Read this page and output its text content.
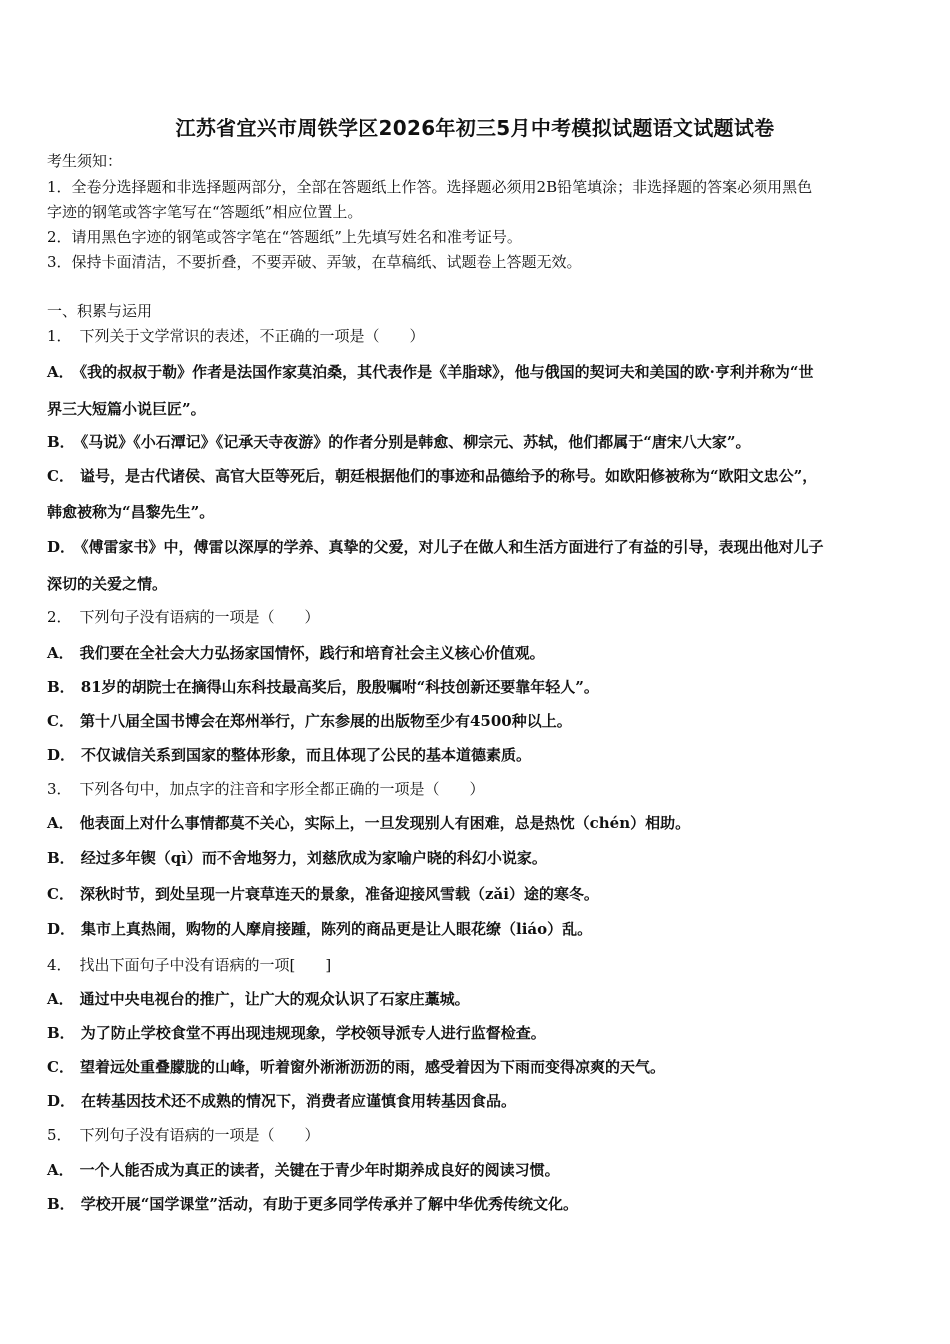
江苏省宜兴市周铁学区2026年初三5月中考模拟试题语文试题试卷
考生须知：
1．全卷分选择题和非选择题两部分，全部在答题纸上作答。选择题必须用2B铅笔填涂；非选择题的答案必须用黑色
字迹的钢笔或答字笔写在“答题纸”相应位置上。
2．请用黑色字迹的钢笔或答字笔在“答题纸”上先填写姓名和准考证号。
3．保持卡面清洁，不要折叠，不要弄破、弄皱，在草稿纸、试题卷上答题无效。
一、积累与运用
1． 下列关于文学常识的表述，不正确的一项是（　　）
A． 《我的叔叔于勒》作者是法国作家莫泊桑，其代表作是《羊脂球》，他与俄国的契诃夫和美国的欧·亨利并称为“世
界三大短篇小说巨匠”。
B． 《马说》《小石潭记》《记承天寺夜游》的作者分别是韩愈、柳宗元、苏轼，他们都属于“唐宋八大家”。
C． 谥号，是古代诸侯、高官大臣等死后，朝廷根据他们的事迹和品德给予的称号。如欧阳修被称为“欧阳文忠公”，
韩愈被称为“昌黎先生”。
D． 《傅雷家书》中，傅雷以深厚的学养、真挚的父爱，对儿子在做人和生活方面进行了有益的引导，表现出他对儿子
深切的关爱之情。
2． 下列句子没有语病的一项是（　　）
A． 我们要在全社会大力弘扬家国情怀，践行和培育社会主义核心价值观。
B． 81岁的胡院士在摘得山东科技最高奖后，殷殷嘱咐“科技创新还要靠年轻人”。
C． 第十八届全国书博会在郑州举行，广东参展的出版物至少有4500种以上。
D． 不仅诚信关系到国家的整体形象，而且体现了公民的基本道德素质。
3． 下列各句中，加点字的注音和字形全都正确的一项是（　　）
A． 他表面上对什么事情都莫不关心，实际上，一旦发现别人有困难，总是热忱（chén）相助。
B． 经过多年锲（qì）而不舍地努力，刘慈欣成为家喻户晓的科幻小说家。
C． 深秋时节，到处呈现一片衰草连天的景象，准备迎接风雪载（zǎi）途的寒冬。
D． 集市上真热闹，购物的人摩肩接踵，陈列的商品更是让人眼花缭（liáo）乱。
4． 找出下面句子中没有语病的一项[　　]
A． 通过中央电视台的推广，让广大的观众认识了石家庄藁城。
B． 为了防止学校食堂不再出现违规现象，学校领导派专人进行监督检查。
C． 望着远处重叠朦胧的山峰，听着窗外淅淅沥沥的雨，感受着因为下雨而变得凉爽的天气。
D． 在转基因技术还不成熟的情况下，消费者应谨慎食用转基因食品。
5． 下列句子没有语病的一项是（　　）
A． 一个人能否成为真正的读者，关键在于青少年时期养成良好的阅读习惯。
B． 学校开展“国学课堂”活动，有助于更多同学传承并了解中华优秀传统文化。
